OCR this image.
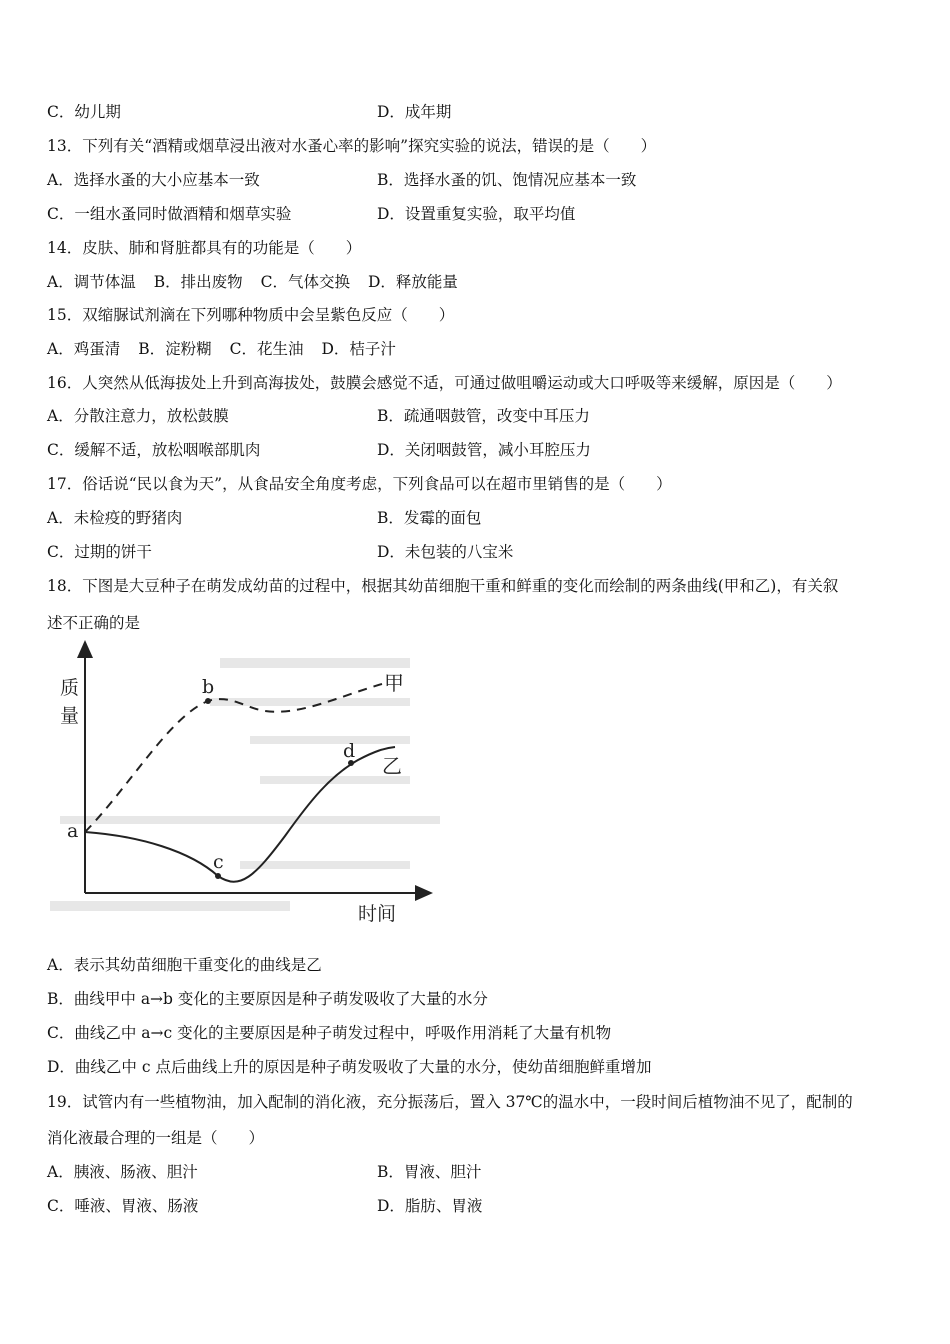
C．幼儿期	D．成年期
13．下列有关“酒精或烟草浸出液对水蚤心率的影响”探究实验的说法，错误的是（　　）
A．选择水蚤的大小应基本一致	B．选择水蚤的饥、饱情况应基本一致
C．一组水蚤同时做酒精和烟草实验	D．设置重复实验，取平均值
14．皮肤、肺和肾脏都具有的功能是（　　）
A．调节体温 B．排出废物 C．气体交换 D．释放能量
15．双缩脲试剂滴在下列哪种物质中会呈紫色反应（　　）
A．鸡蛋清 B．淀粉糊 C．花生油 D．桔子汁
16．人突然从低海拔处上升到高海拔处，鼓膜会感觉不适，可通过做咀嚼运动或大口呼吸等来缓解，原因是（　　）
A．分散注意力，放松鼓膜	B．疏通咽鼓管，改变中耳压力
C．缓解不适，放松咽喉部肌肉	D．关闭咽鼓管，减小耳腔压力
17．俗话说“民以食为天”，从食品安全角度考虑，下列食品可以在超市里销售的是（　　）
A．未检疫的野猪肉	B．发霉的面包
C．过期的饼干	D．未包装的八宝米
18．下图是大豆种子在萌发成幼苗的过程中，根据其幼苗细胞干重和鲜重的变化而绘制的两条曲线(甲和乙)，有关叙
述不正确的是
质
量
时间
a
b
c
d
甲
乙
A．表示其幼苗细胞干重变化的曲线是乙
B．曲线甲中 a→b 变化的主要原因是种子萌发吸收了大量的水分
C．曲线乙中 a→c 变化的主要原因是种子萌发过程中，呼吸作用消耗了大量有机物
D．曲线乙中 c 点后曲线上升的原因是种子萌发吸收了大量的水分，使幼苗细胞鲜重增加
19．试管内有一些植物油，加入配制的消化液，充分振荡后，置入 37℃的温水中，一段时间后植物油不见了，配制的
消化液最合理的一组是（　　）
A．胰液、肠液、胆汁	B．胃液、胆汁
C．唾液、胃液、肠液	D．脂肪、胃液
